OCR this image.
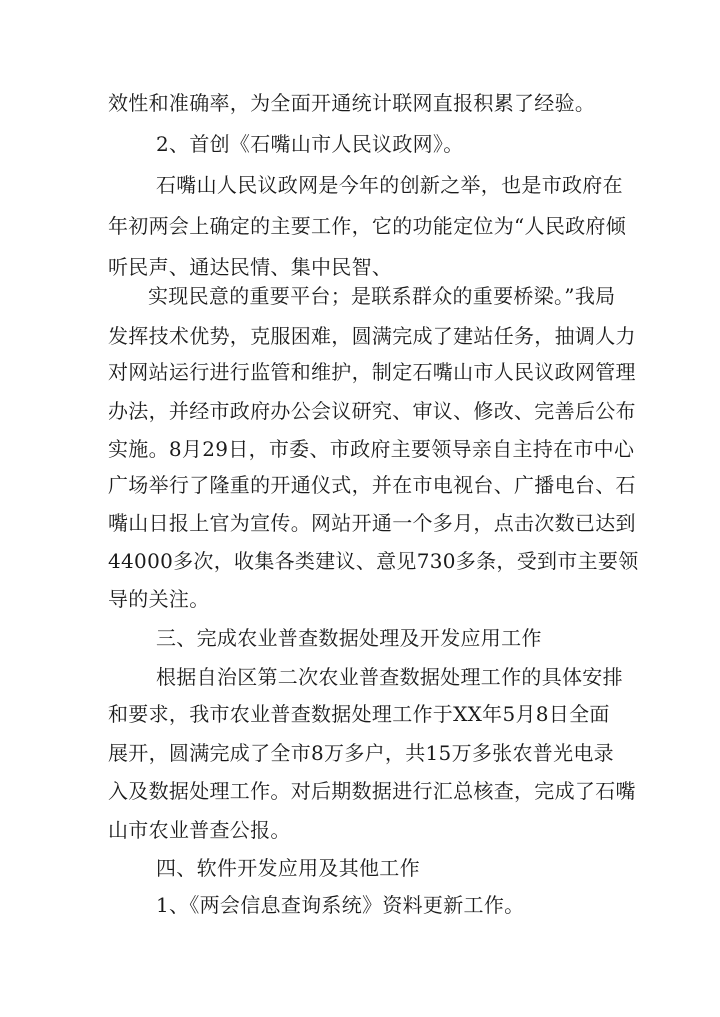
效性和准确率，为全面开通统计联网直报积累了经验。
2、首创《石嘴山市人民议政网》。
石嘴山人民议政网是今年的创新之举，也是市政府在
年初两会上确定的主要工作，它的功能定位为“人民政府倾
听民声、通达民情、集中民智、
实现民意的重要平台；是联系群众的重要桥梁。”我局
发挥技术优势，克服困难，圆满完成了建站任务，抽调人力
对网站运行进行监管和维护，制定石嘴山市人民议政网管理
办法，并经市政府办公会议研究、审议、修改、完善后公布
实施。8月29日，市委、市政府主要领导亲自主持在市中心
广场举行了隆重的开通仪式，并在市电视台、广播电台、石
嘴山日报上官为宣传。网站开通一个多月，点击次数已达到
44000多次，收集各类建议、意见730多条，受到市主要领
导的关注。
三、完成农业普查数据处理及开发应用工作
根据自治区第二次农业普查数据处理工作的具体安排
和要求，我市农业普查数据处理工作于XX年5月8日全面
展开，圆满完成了全市8万多户，共15万多张农普光电录
入及数据处理工作。对后期数据进行汇总核查，完成了石嘴
山市农业普查公报。
四、软件开发应用及其他工作
1、《两会信息查询系统》资料更新工作。
